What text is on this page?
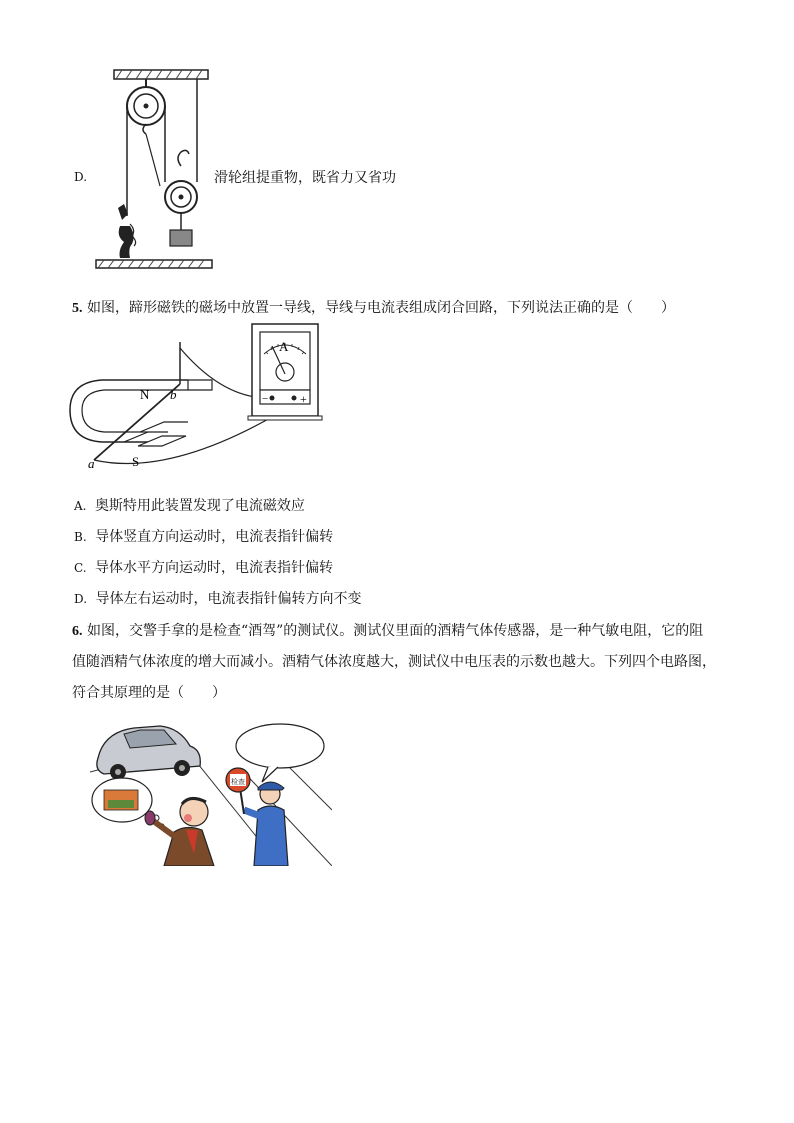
D.	滑轮组提重物，既省力又省功
5. 如图，蹄形磁铁的磁场中放置一导线，导线与电流表组成闭合回路，下列说法正确的是（　　）
N b
S
a
A
−	+
A. 奥斯特用此装置发现了电流磁效应
B. 导体竖直方向运动时，电流表指针偏转
C. 导体水平方向运动时，电流表指针偏转
D. 导体左右运动时，电流表指针偏转方向不变
6. 如图，交警手拿的是检查“酒驾”的测试仪。测试仪里面的酒精气体传感器，是一种气敏电阻，它的阻
值随酒精气体浓度的增大而减小。酒精气体浓度越大，测试仪中电压表的示数也越大。下列四个电路图，
符合其原理的是（　　）
检查
